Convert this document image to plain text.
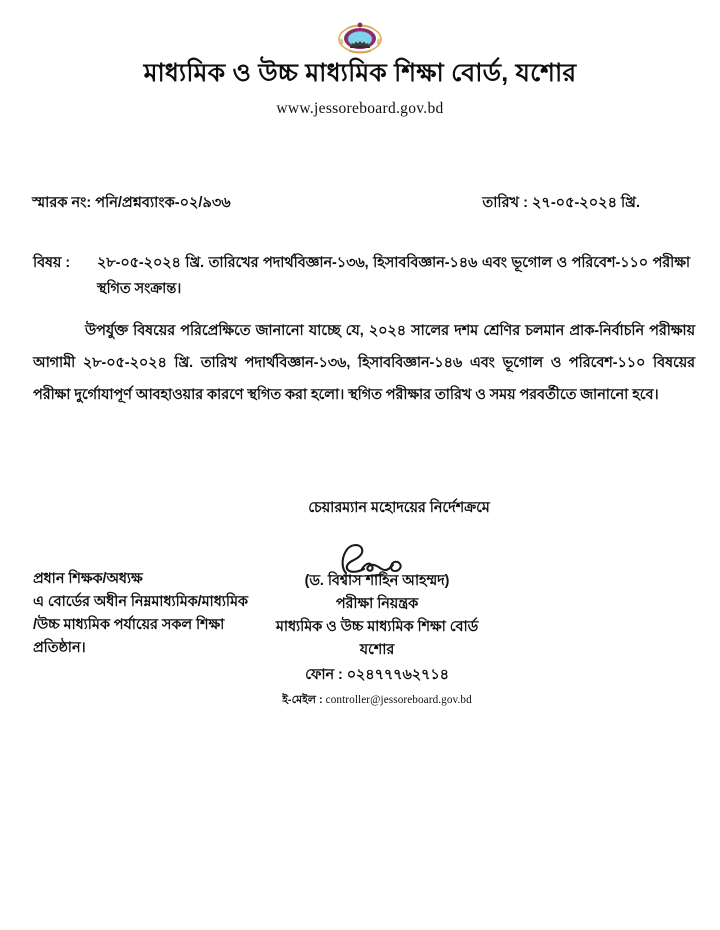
মাধ্যমিক ও উচ্চ মাধ্যমিক শিক্ষা বোর্ড, যশোর
www.jessoreboard.gov.bd
স্মারক নং: পনি/প্রশ্নব্যাংক-০২/৯৩৬	তারিখ : ২৭-০৫-২০২৪ খ্রি.
বিষয় :	২৮-০৫-২০২৪ খ্রি. তারিখের পদার্থবিজ্ঞান-১৩৬, হিসাববিজ্ঞান-১৪৬ এবং ভূগোল ও পরিবেশ-১১০ পরীক্ষা স্থগিত সংক্রান্ত।
উপর্যুক্ত বিষয়ের পরিপ্রেক্ষিতে জানানো যাচ্ছে যে, ২০২৪ সালের দশম শ্রেণির চলমান প্রাক-নির্বাচনি পরীক্ষায় আগামী ২৮-০৫-২০২৪ খ্রি. তারিখ পদার্থবিজ্ঞান-১৩৬, হিসাববিজ্ঞান-১৪৬ এবং ভূগোল ও পরিবেশ-১১০ বিষয়ের পরীক্ষা দুর্গোযাপূর্ণ আবহাওয়ার কারণে স্থগিত করা হলো। স্থগিত পরীক্ষার তারিখ ও সময় পরবর্তীতে জানানো হবে।
চেয়ারম্যান মহোদয়ের নির্দেশক্রমে
(ড. বিশ্বাস শাহিন আহম্মদ)
পরীক্ষা নিয়ন্ত্রক
মাধ্যমিক ও উচ্চ মাধ্যমিক শিক্ষা বোর্ড
যশোর
ফোন : ০২৪৭৭৭৬২৭১৪
ই-মেইল : controller@jessoreboard.gov.bd
প্রধান শিক্ষক/অধ্যক্ষ
এ বোর্ডের অধীন নিম্নমাধ্যমিক/মাধ্যমিক
/উচ্চ মাধ্যমিক পর্যায়ের সকল শিক্ষা
প্রতিষ্ঠান।
